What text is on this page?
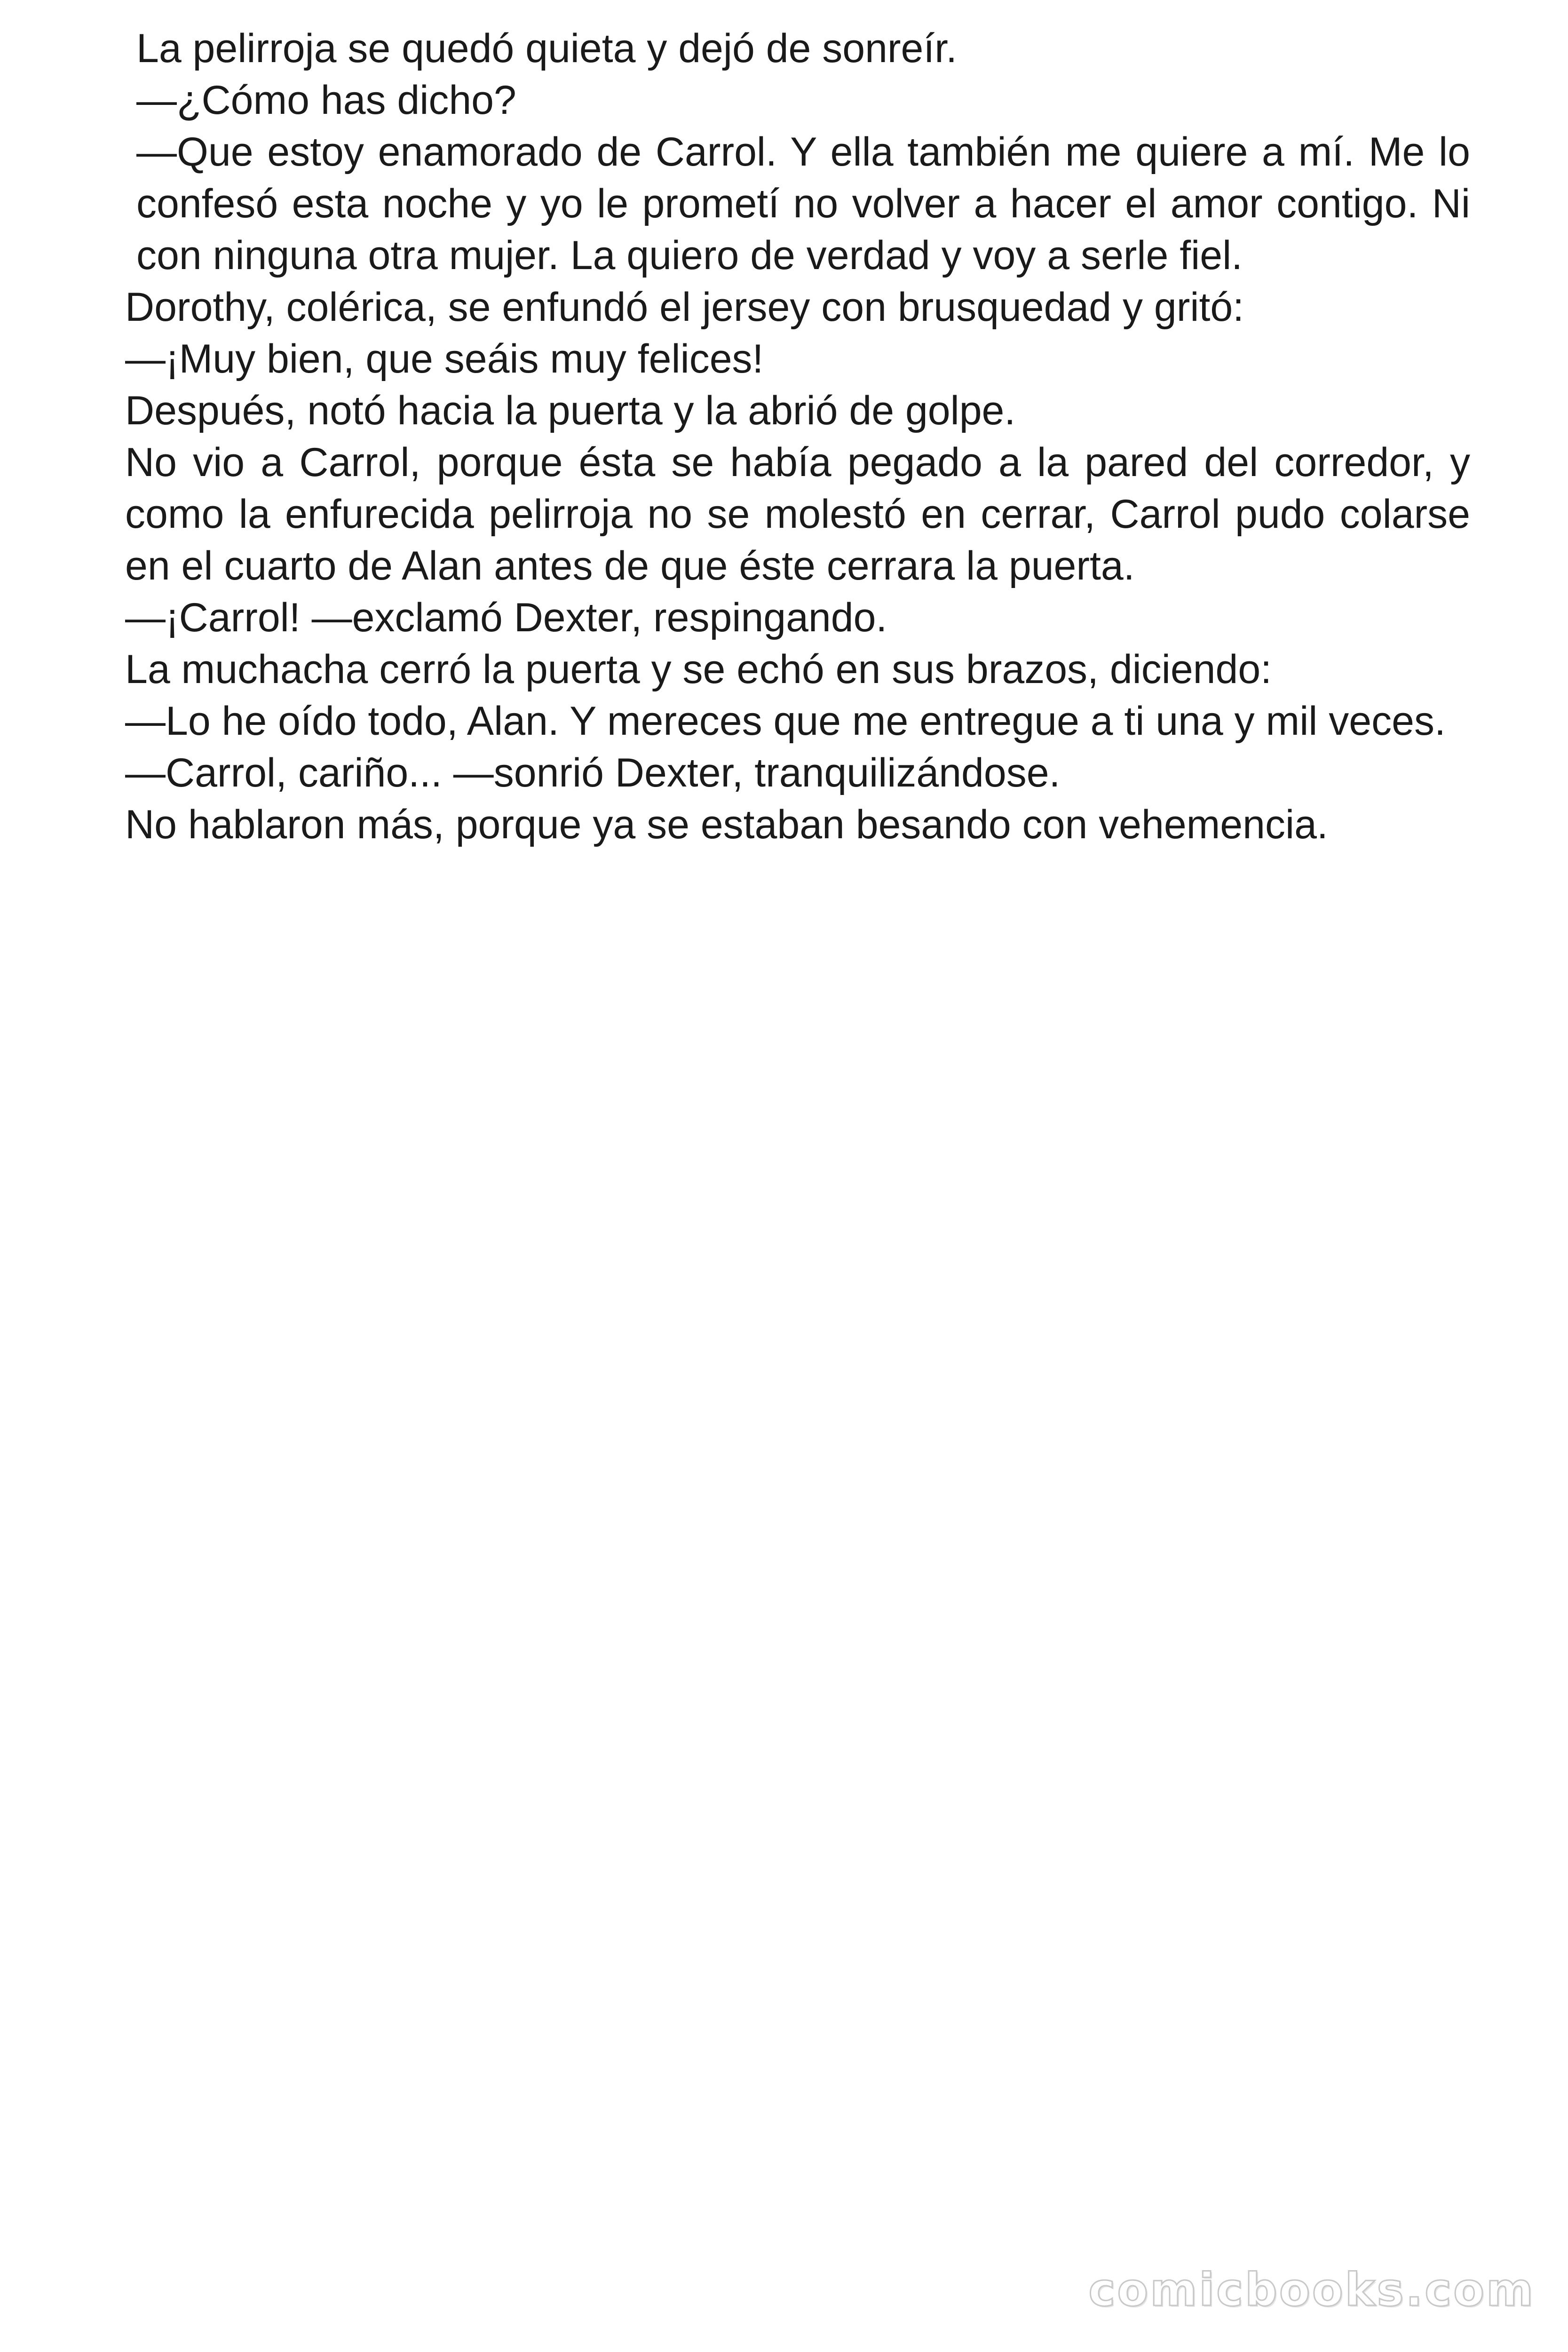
La pelirroja se quedó quieta y dejó de sonreír.

—¿Cómo has dicho?

—Que estoy enamorado de Carrol. Y ella también me quiere a mí. Me lo confesó esta noche y yo le prometí no volver a hacer el amor contigo. Ni con ninguna otra mujer. La quiero de verdad y voy a serle fiel.

Dorothy, colérica, se enfundó el jersey con brusquedad y gritó:

—¡Muy bien, que seáis muy felices!

Después, notó hacia la puerta y la abrió de golpe.

No vio a Carrol, porque ésta se había pegado a la pared del corredor, y como la enfurecida pelirroja no se molestó en cerrar, Carrol pudo colarse en el cuarto de Alan antes de que éste cerrara la puerta.

—¡Carrol! —exclamó Dexter, respingando.

La muchacha cerró la puerta y se echó en sus brazos, diciendo:

—Lo he oído todo, Alan. Y mereces que me entregue a ti una y mil veces.

—Carrol, cariño... —sonrió Dexter, tranquilizándose.

No hablaron más, porque ya se estaban besando con vehemencia.

comicbooks.com
